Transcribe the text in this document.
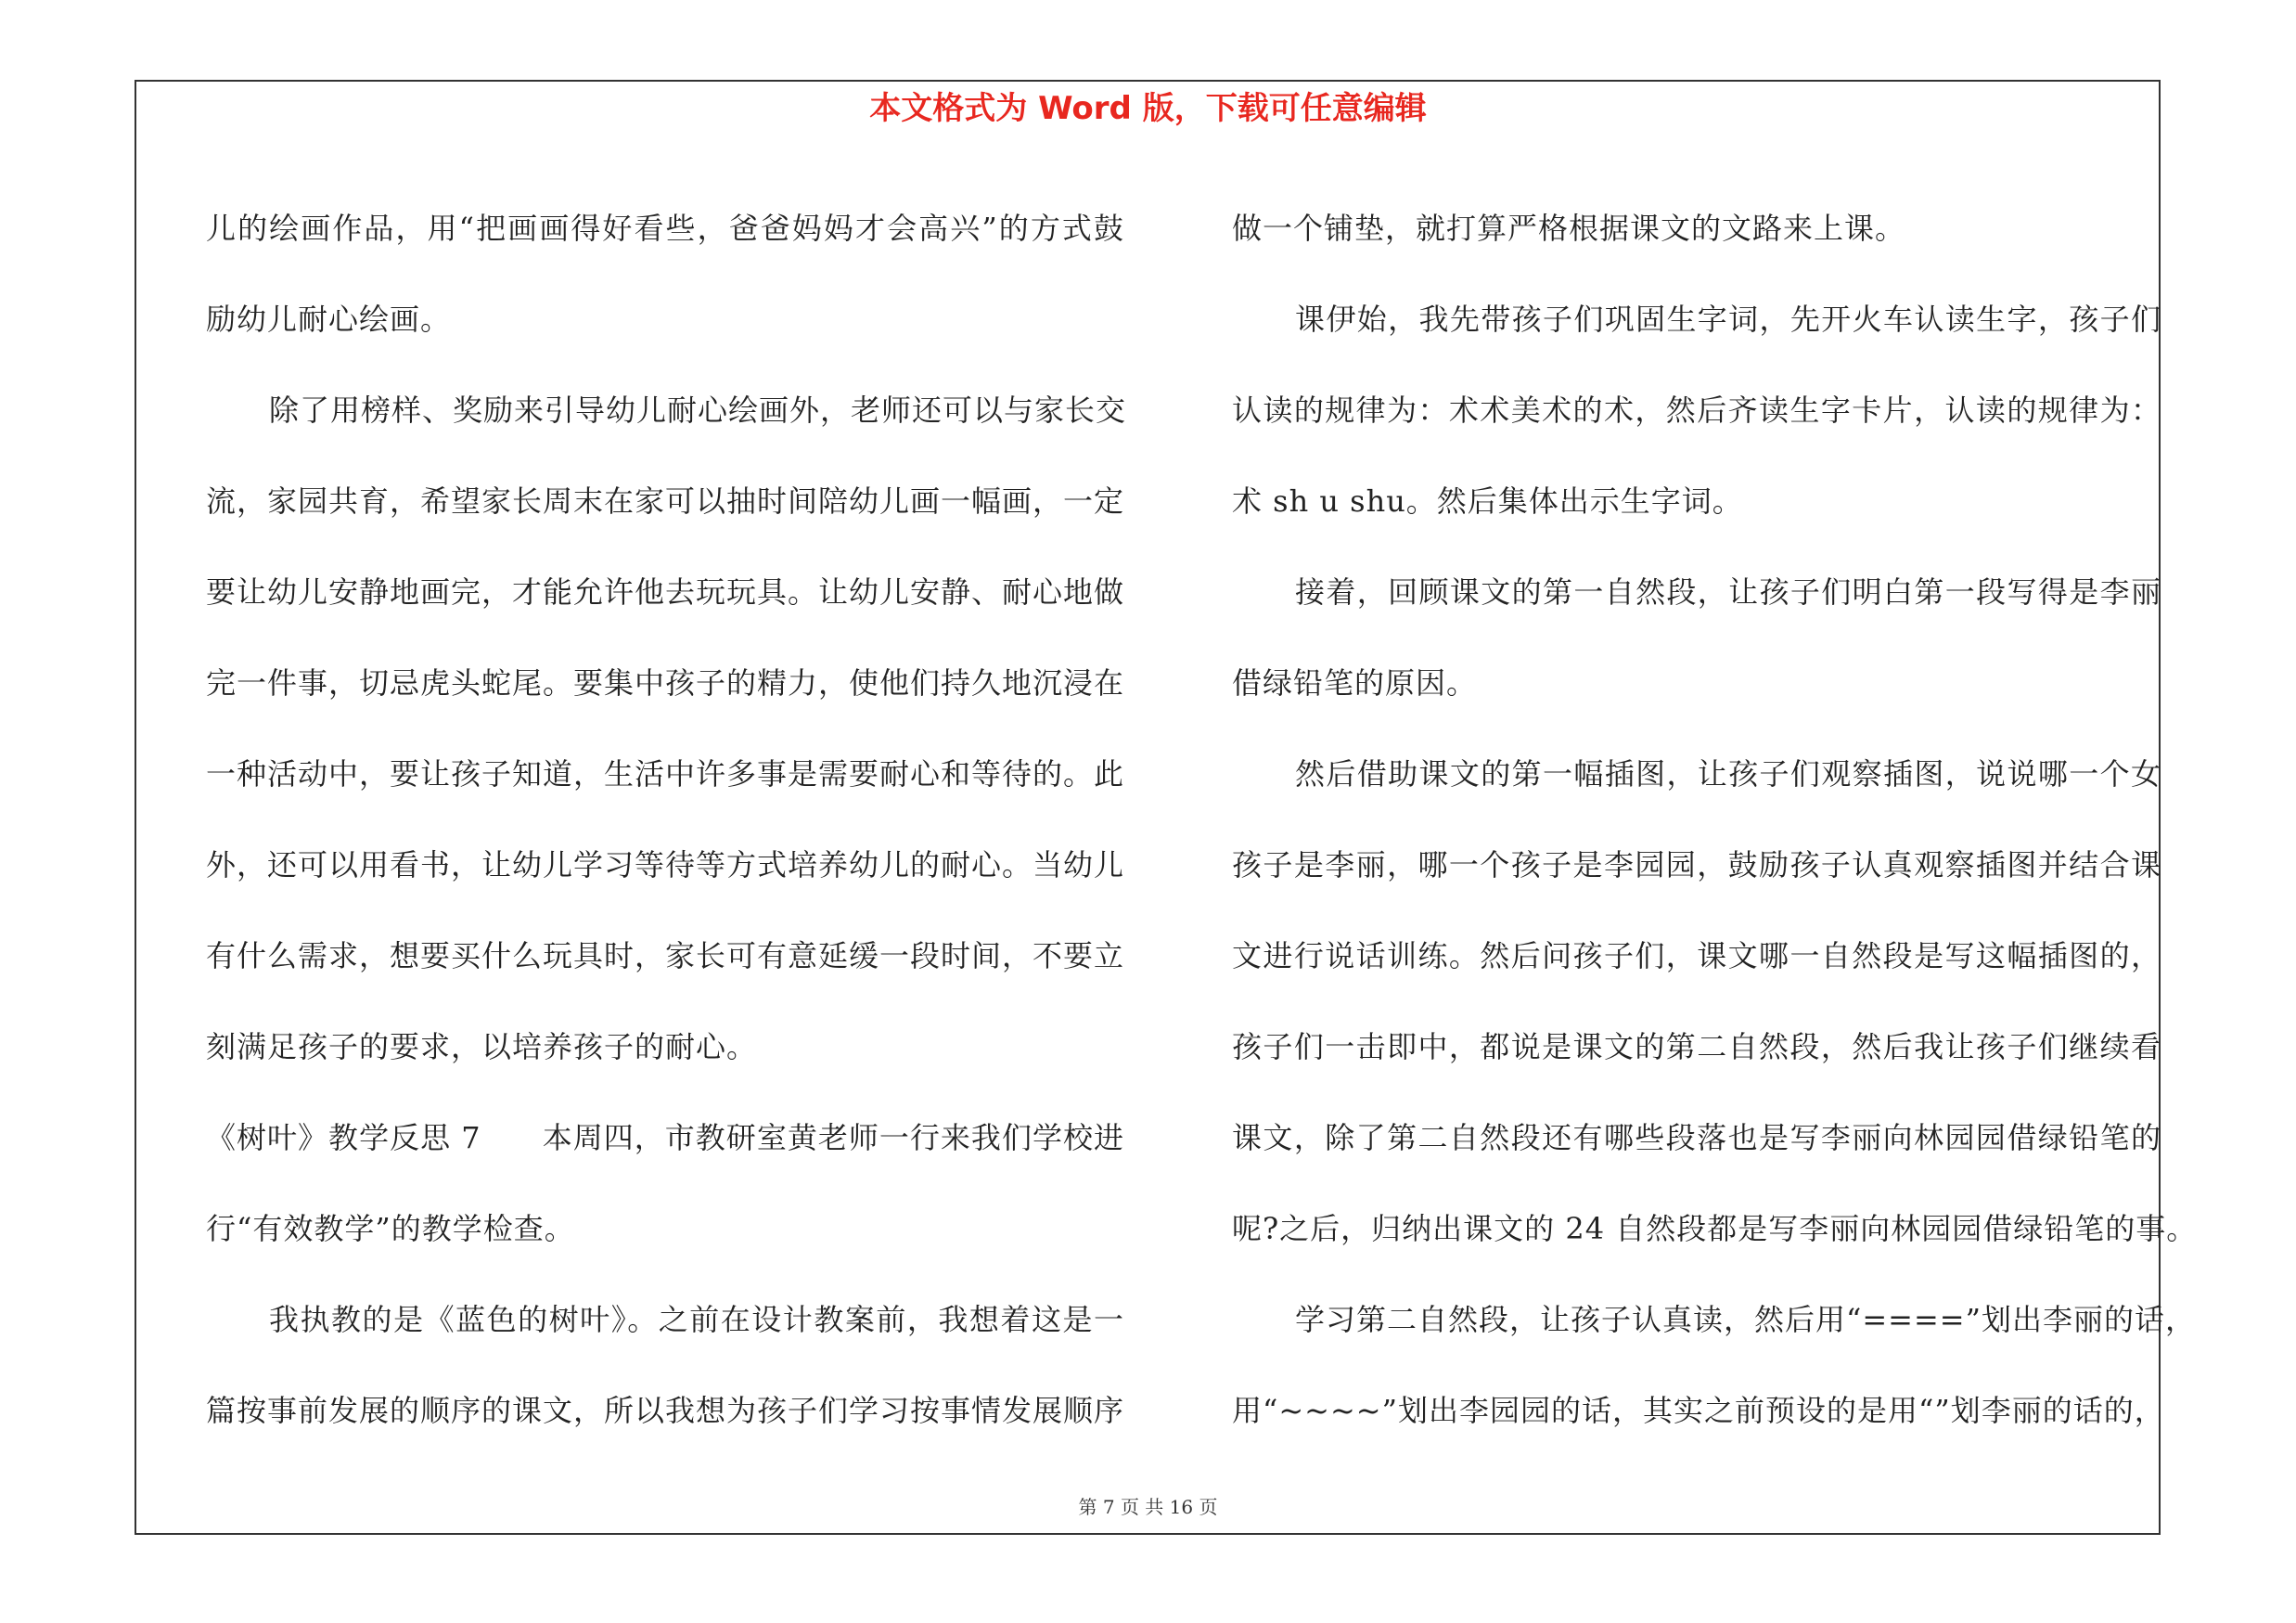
本文格式为 Word 版，下载可任意编辑
儿的绘画作品，用“把画画得好看些，爸爸妈妈才会高兴”的方式鼓
励幼儿耐心绘画。
除了用榜样、奖励来引导幼儿耐心绘画外，老师还可以与家长交
流，家园共育，希望家长周末在家可以抽时间陪幼儿画一幅画，一定
要让幼儿安静地画完，才能允许他去玩玩具。让幼儿安静、耐心地做
完一件事，切忌虎头蛇尾。要集中孩子的精力，使他们持久地沉浸在
一种活动中，要让孩子知道，生活中许多事是需要耐心和等待的。此
外，还可以用看书，让幼儿学习等待等方式培养幼儿的耐心。当幼儿
有什么需求，想要买什么玩具时，家长可有意延缓一段时间，不要立
刻满足孩子的要求，以培养孩子的耐心。
《树叶》教学反思 7　　本周四，市教研室黄老师一行来我们学校进
行“有效教学”的教学检查。
我执教的是《蓝色的树叶》。之前在设计教案前，我想着这是一
篇按事前发展的顺序的课文，所以我想为孩子们学习按事情发展顺序
做一个铺垫，就打算严格根据课文的文路来上课。
课伊始，我先带孩子们巩固生字词，先开火车认读生字，孩子们
认读的规律为：术术美术的术，然后齐读生字卡片，认读的规律为：
术 sh u shu。然后集体出示生字词。
接着，回顾课文的第一自然段，让孩子们明白第一段写得是李丽
借绿铅笔的原因。
然后借助课文的第一幅插图，让孩子们观察插图，说说哪一个女
孩子是李丽，哪一个孩子是李园园，鼓励孩子认真观察插图并结合课
文进行说话训练。然后问孩子们，课文哪一自然段是写这幅插图的，
孩子们一击即中，都说是课文的第二自然段，然后我让孩子们继续看
课文，除了第二自然段还有哪些段落也是写李丽向林园园借绿铅笔的
呢?之后，归纳出课文的 24 自然段都是写李丽向林园园借绿铅笔的事。
学习第二自然段，让孩子认真读，然后用“====”划出李丽的话，
用“~~~~”划出李园园的话，其实之前预设的是用“”划李丽的话的，
第 7 页 共 16 页
